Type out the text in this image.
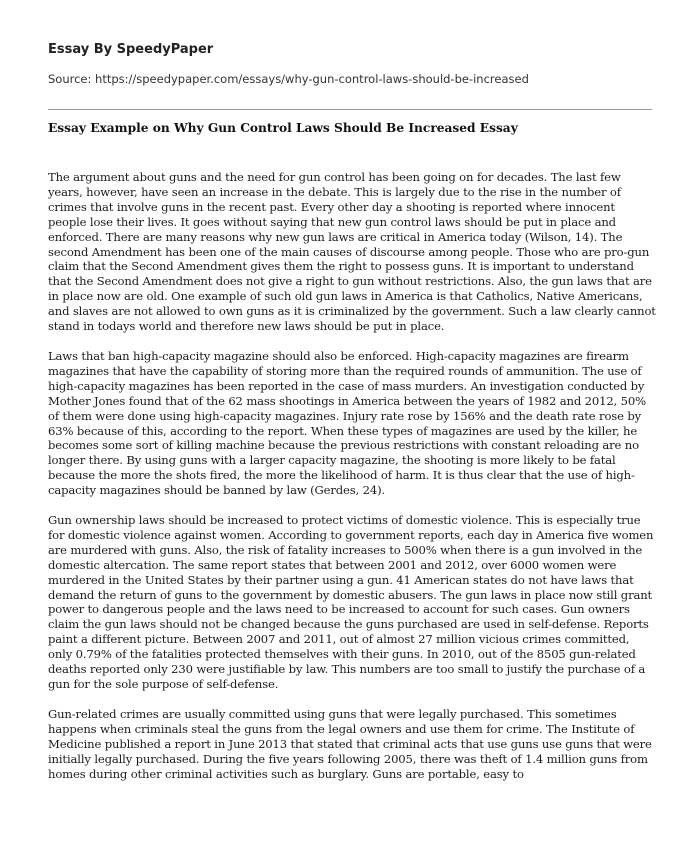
Essay By SpeedyPaper
Source: https://speedypaper.com/essays/why-gun-control-laws-should-be-increased
Essay Example on Why Gun Control Laws Should Be Increased Essay

The argument about guns and the need for gun control has been going on for decades. The last few years, however, have seen an increase in the debate. This is largely due to the rise in the number of crimes that involve guns in the recent past. Every other day a shooting is reported where innocent people lose their lives. It goes without saying that new gun control laws should be put in place and enforced. There are many reasons why new gun laws are critical in America today (Wilson, 14). The second Amendment has been one of the main causes of discourse among people. Those who are pro-gun claim that the Second Amendment gives them the right to possess guns. It is important to understand that the Second Amendment does not give a right to gun without restrictions. Also, the gun laws that are in place now are old. One example of such old gun laws in America is that Catholics, Native Americans, and slaves are not allowed to own guns as it is criminalized by the government. Such a law clearly cannot stand in todays world and therefore new laws should be put in place.

Laws that ban high-capacity magazine should also be enforced. High-capacity magazines are firearm magazines that have the capability of storing more than the required rounds of ammunition. The use of high-capacity magazines has been reported in the case of mass murders. An investigation conducted by Mother Jones found that of the 62 mass shootings in America between the years of 1982 and 2012, 50% of them were done using high-capacity magazines. Injury rate rose by 156% and the death rate rose by 63% because of this, according to the report. When these types of magazines are used by the killer, he becomes some sort of killing machine because the previous restrictions with constant reloading are no longer there. By using guns with a larger capacity magazine, the shooting is more likely to be fatal because the more the shots fired, the more the likelihood of harm. It is thus clear that the use of high-capacity magazines should be banned by law (Gerdes, 24).

Gun ownership laws should be increased to protect victims of domestic violence. This is especially true for domestic violence against women. According to government reports, each day in America five women are murdered with guns. Also, the risk of fatality increases to 500% when there is a gun involved in the domestic altercation. The same report states that between 2001 and 2012, over 6000 women were murdered in the United States by their partner using a gun. 41 American states do not have laws that demand the return of guns to the government by domestic abusers. The gun laws in place now still grant power to dangerous people and the laws need to be increased to account for such cases. Gun owners claim the gun laws should not be changed because the guns purchased are used in self-defense. Reports paint a different picture. Between 2007 and 2011, out of almost 27 million vicious crimes committed, only 0.79% of the fatalities protected themselves with their guns. In 2010, out of the 8505 gun-related deaths reported only 230 were justifiable by law. This numbers are too small to justify the purchase of a gun for the sole purpose of self-defense.

Gun-related crimes are usually committed using guns that were legally purchased. This sometimes happens when criminals steal the guns from the legal owners and use them for crime. The Institute of Medicine published a report in June 2013 that stated that criminal acts that use guns use guns that were initially legally purchased. During the five years following 2005, there was theft of 1.4 million guns from homes during other criminal activities such as burglary. Guns are portable, easy to
